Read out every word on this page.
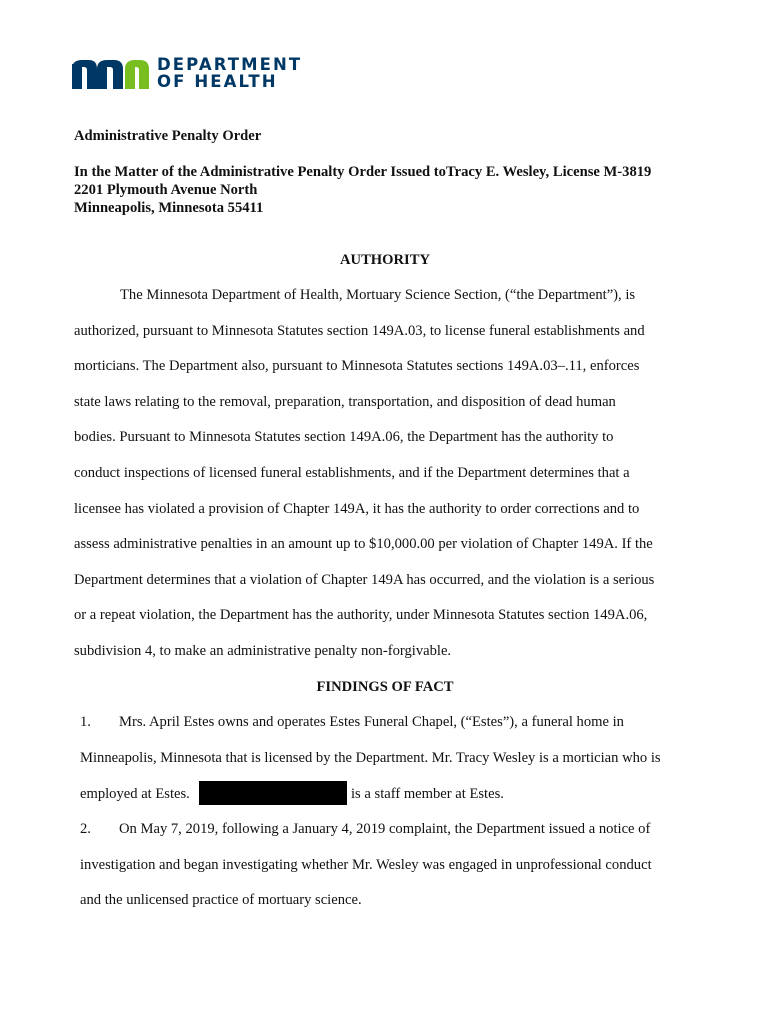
DEPARTMENT
OF HEALTH
Administrative Penalty Order
In the Matter of the Administrative Penalty Order Issued toTracy E. Wesley, License M-3819
2201 Plymouth Avenue North
Minneapolis, Minnesota 55411
AUTHORITY
The Minnesota Department of Health, Mortuary Science Section, (“the Department”), is
authorized, pursuant to Minnesota Statutes section 149A.03, to license funeral establishments and
morticians. The Department also, pursuant to Minnesota Statutes sections 149A.03–.11, enforces
state laws relating to the removal, preparation, transportation, and disposition of dead human
bodies. Pursuant to Minnesota Statutes section 149A.06, the Department has the authority to
conduct inspections of licensed funeral establishments, and if the Department determines that a
licensee has violated a provision of Chapter 149A, it has the authority to order corrections and to
assess administrative penalties in an amount up to $10,000.00 per violation of Chapter 149A. If the
Department determines that a violation of Chapter 149A has occurred, and the violation is a serious
or a repeat violation, the Department has the authority, under Minnesota Statutes section 149A.06,
subdivision 4, to make an administrative penalty non-forgivable.
FINDINGS OF FACT
1. Mrs. April Estes owns and operates Estes Funeral Chapel, (“Estes”), a funeral home in
Minneapolis, Minnesota that is licensed by the Department. Mr. Tracy Wesley is a mortician who is
employed at Estes.	is a staff member at Estes.
2. On May 7, 2019, following a January 4, 2019 complaint, the Department issued a notice of
investigation and began investigating whether Mr. Wesley was engaged in unprofessional conduct
and the unlicensed practice of mortuary science.
